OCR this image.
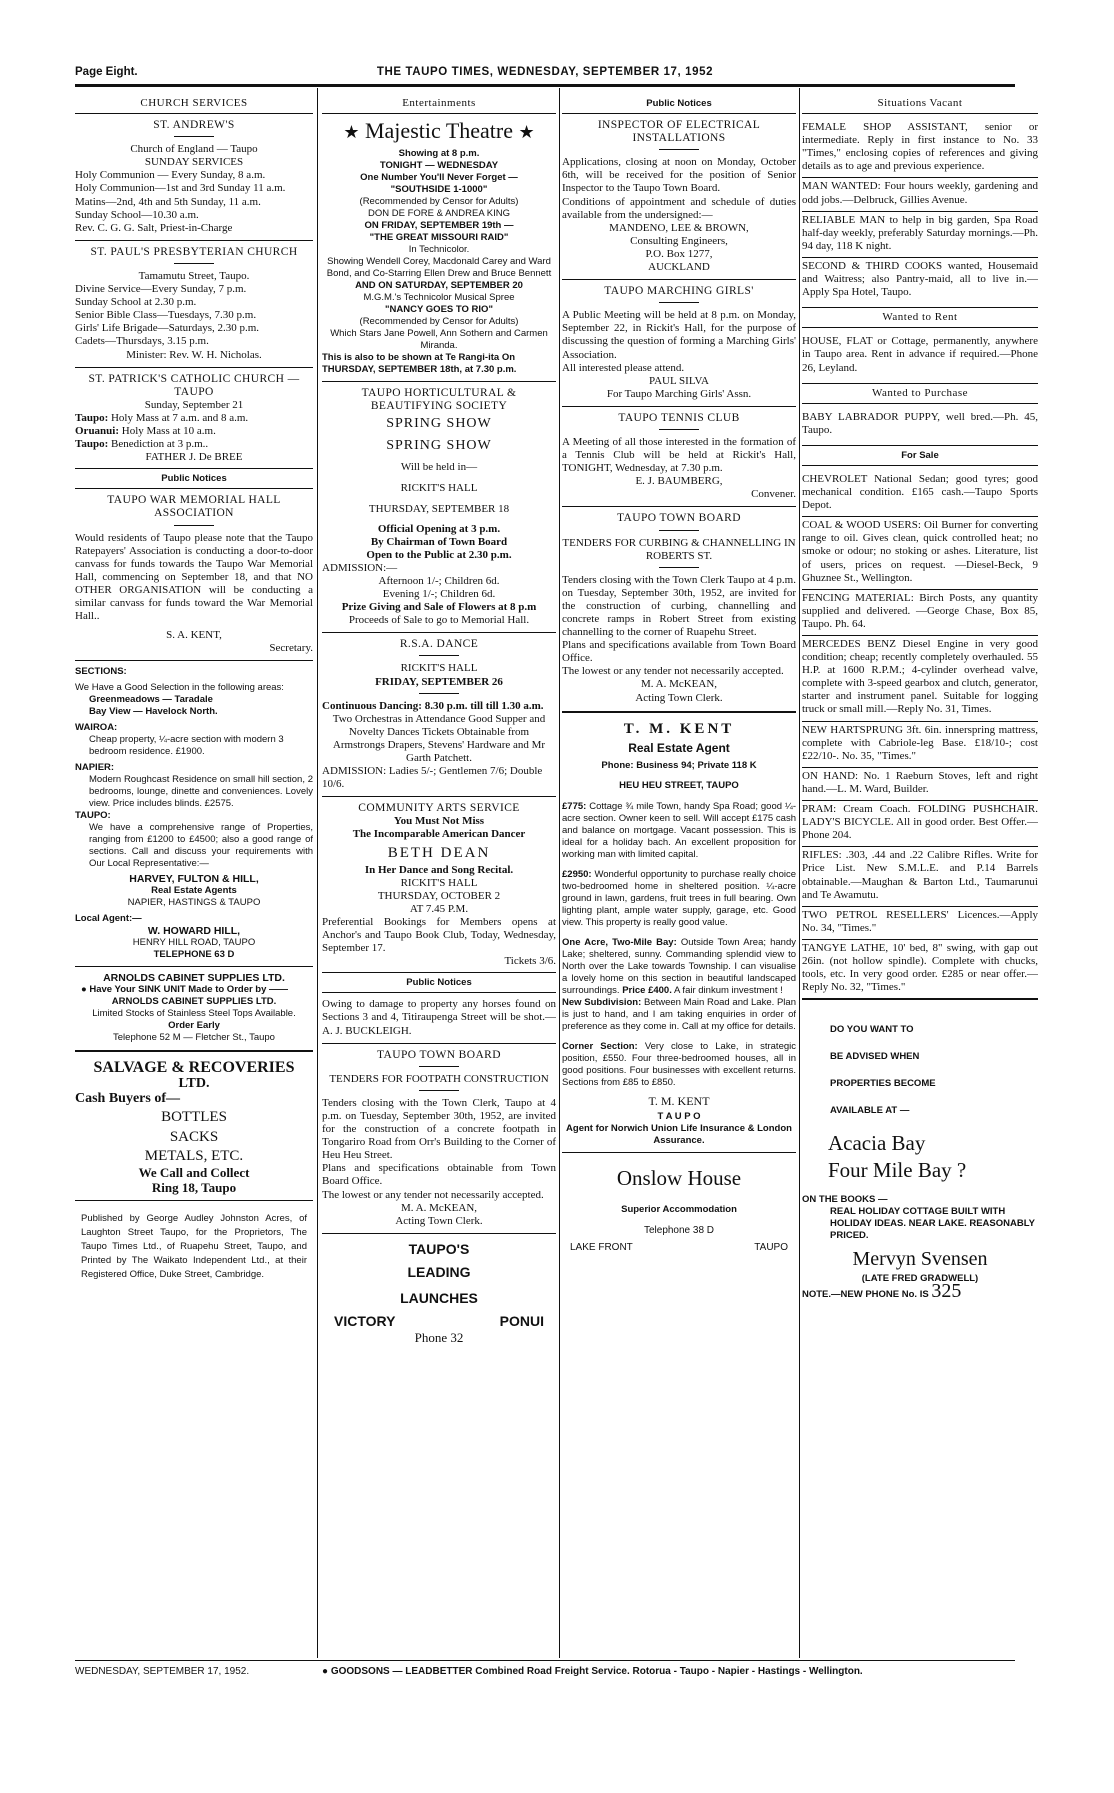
Page Eight.	THE TAUPO TIMES, WEDNESDAY, SEPTEMBER 17, 1952
CHURCH SERVICES
ST. ANDREW'S
Church of England — Taupo
SUNDAY SERVICES
Holy Communion — Every Sunday, 8 a.m.
Holy Communion—1st and 3rd Sunday 11 a.m.
Matins—2nd, 4th and 5th Sunday, 11 a.m.
Sunday School—10.30 a.m.
Rev. C. G. G. Salt, Priest-in-Charge
ST. PAUL'S PRESBYTERIAN CHURCH
Tamamutu Street, Taupo.
Divine Service—Every Sunday, 7 p.m.
Sunday School at 2.30 p.m.
Senior Bible Class—Tuesdays, 7.30 p.m.
Girls' Life Brigade—Saturdays, 2.30 p.m.
Cadets—Thursdays, 3.15 p.m.
Minister: Rev. W. H. Nicholas.
ST. PATRICK'S CATHOLIC CHURCH — TAUPO
Sunday, September 21
Taupo: Holy Mass at 7 a.m. and 8 a.m.
Oruanui: Holy Mass at 10 a.m.
Taupo: Benediction at 3 p.m..
FATHER J. De BREE
Public Notices
TAUPO WAR MEMORIAL HALL ASSOCIATION
Would residents of Taupo please note that the Taupo Ratepayers' Association is conducting a door-to-door canvass for funds towards the Taupo War Memorial Hall, commencing on September 18, and that NO OTHER ORGANISATION will be conducting a similar canvass for funds toward the War Memorial Hall..
S. A. KENT,
Secretary.
SECTIONS:
We Have a Good Selection in the following areas:
Greenmeadows — Taradale
Bay View — Havelock North.
WAIROA:
Cheap property, ¼-acre section with modern 3 bedroom residence. £1900.
NAPIER:
Modern Roughcast Residence on small hill section, 2 bedrooms, lounge, dinette and conveniences. Lovely view. Price includes blinds. £2575.
TAUPO:
We have a comprehensive range of Properties, ranging from £1200 to £4500; also a good range of sections. Call and discuss your requirements with Our Local Representative:—
HARVEY, FULTON & HILL,
Real Estate Agents
NAPIER, HASTINGS & TAUPO
Local Agent:—
W. HOWARD HILL,
HENRY HILL ROAD, TAUPO
TELEPHONE 63 D
ARNOLDS CABINET SUPPLIES LTD.
● Have Your SINK UNIT Made to Order by ——
ARNOLDS CABINET SUPPLIES LTD.
Limited Stocks of Stainless Steel Tops Available.
Order Early
Telephone 52 M — Fletcher St., Taupo
SALVAGE & RECOVERIES
LTD.
Cash Buyers of—
BOTTLES
SACKS
METALS, ETC.
We Call and Collect
Ring 18, Taupo
Published by George Audley Johnston Acres, of Laughton Street Taupo, for the Proprietors, The Taupo Times Ltd., of Ruapehu Street, Taupo, and Printed by The Waikato Independent Ltd., at their Registered Office, Duke Street, Cambridge.
Entertainments
★ Majestic Theatre ★
Showing at 8 p.m.
TONIGHT — WEDNESDAY
One Number You'll Never Forget —
"SOUTHSIDE 1-1000"
(Recommended by Censor for Adults)
DON DE FORE & ANDREA KING
ON FRIDAY, SEPTEMBER 19th —
"THE GREAT MISSOURI RAID"
In Technicolor.
Showing Wendell Corey, Macdonald Carey and Ward Bond, and Co-Starring Ellen Drew and Bruce Bennett
AND ON SATURDAY, SEPTEMBER 20
M.G.M.'s Technicolor Musical Spree
"NANCY GOES TO RIO"
(Recommended by Censor for Adults)
Which Stars Jane Powell, Ann Sothern and Carmen Miranda.
This is also to be shown at Te Rangi-ita On THURSDAY, SEPTEMBER 18th, at 7.30 p.m.
TAUPO HORTICULTURAL & BEAUTIFYING SOCIETY
SPRING SHOW
SPRING SHOW
Will be held in—
RICKIT'S HALL
THURSDAY, SEPTEMBER 18
Official Opening at 3 p.m.
By Chairman of Town Board
Open to the Public at 2.30 p.m.
ADMISSION:—
Afternoon 1/-; Children 6d.
Evening 1/-; Children 6d.
Prize Giving and Sale of Flowers at 8 p.m
Proceeds of Sale to go to Memorial Hall.
R.S.A. DANCE
RICKIT'S HALL
FRIDAY, SEPTEMBER 26
Continuous Dancing: 8.30 p.m. till till 1.30 a.m.
Two Orchestras in Attendance Good Supper and Novelty Dances Tickets Obtainable from Armstrongs Drapers, Stevens' Hardware and Mr Garth Patchett.
ADMISSION: Ladies 5/-; Gentlemen 7/6; Double 10/6.
COMMUNITY ARTS SERVICE
You Must Not Miss
The Incomparable American Dancer
BETH DEAN
In Her Dance and Song Recital.
RICKIT'S HALL
THURSDAY, OCTOBER 2
AT 7.45 P.M.
Preferential Bookings for Members opens at Anchor's and Taupo Book Club, Today, Wednesday, September 17.
Tickets 3/6.
Public Notices
Owing to damage to property any horses found on Sections 3 and 4, Titiraupenga Street will be shot.—A. J. BUCKLEIGH.
TAUPO TOWN BOARD
TENDERS FOR FOOTPATH CONSTRUCTION
Tenders closing with the Town Clerk, Taupo at 4 p.m. on Tuesday, September 30th, 1952, are invited for the construction of a concrete footpath in Tongariro Road from Orr's Building to the Corner of Heu Heu Street.
Plans and specifications obtainable from Town Board Office.
The lowest or any tender not necessarily accepted.
M. A. McKEAN,
Acting Town Clerk.
TAUPO'S
LEADING
LAUNCHES
VICTORY	PONUI
Phone 32
Public Notices
INSPECTOR OF ELECTRICAL INSTALLATIONS
Applications, closing at noon on Monday, October 6th, will be received for the position of Senior Inspector to the Taupo Town Board.
Conditions of appointment and schedule of duties available from the undersigned:—
MANDENO, LEE & BROWN,
Consulting Engineers,
P.O. Box 1277,
AUCKLAND
TAUPO MARCHING GIRLS'
A Public Meeting will be held at 8 p.m. on Monday, September 22, in Rickit's Hall, for the purpose of discussing the question of forming a Marching Girls' Association.
All interested please attend.
PAUL SILVA
For Taupo Marching Girls' Assn.
TAUPO TENNIS CLUB
A Meeting of all those interested in the formation of a Tennis Club will be held at Rickit's Hall, TONIGHT, Wednesday, at 7.30 p.m.
E. J. BAUMBERG,
Convener.
TAUPO TOWN BOARD
TENDERS FOR CURBING & CHANNELLING IN ROBERTS ST.
Tenders closing with the Town Clerk Taupo at 4 p.m. on Tuesday, September 30th, 1952, are invited for the construction of curbing, channelling and concrete ramps in Robert Street from existing channelling to the corner of Ruapehu Street.
Plans and specifications available from Town Board Office.
The lowest or any tender not necessarily accepted.
M. A. McKEAN,
Acting Town Clerk.
T. M. KENT
Real Estate Agent
Phone: Business 94; Private 118 K
HEU HEU STREET, TAUPO
£775: Cottage ¾ mile Town, handy Spa Road; good ¼-acre section. Owner keen to sell. Will accept £175 cash and balance on mortgage. Vacant possession. This is ideal for a holiday bach. An excellent proposition for working man with limited capital.
£2950: Wonderful opportunity to purchase really choice two-bedroomed home in sheltered position. ¼-acre ground in lawn, gardens, fruit trees in full bearing. Own lighting plant, ample water supply, garage, etc. Good view. This property is really good value.
One Acre, Two-Mile Bay: Outside Town Area; handy Lake; sheltered, sunny. Commanding splendid view to North over the Lake towards Township. I can visualise a lovely home on this section in beautiful landscaped surroundings. Price £400. A fair dinkum investment !
New Subdivision: Between Main Road and Lake. Plan is just to hand, and I am taking enquiries in order of preference as they come in. Call at my office for details.
Corner Section: Very close to Lake, in strategic position, £550. Four three-bedroomed houses, all in good positions. Four businesses with excellent returns. Sections from £85 to £850.
T. M. KENT
T A U P O
Agent for Norwich Union Life Insurance & London Assurance.
Onslow House
Superior Accommodation
Telephone 38 D
LAKE FRONT	TAUPO
Situations Vacant
FEMALE SHOP ASSISTANT, senior or intermediate. Reply in first instance to No. 33 "Times," enclosing copies of references and giving details as to age and previous experience.
MAN WANTED: Four hours weekly, gardening and odd jobs.—Delbruck, Gillies Avenue.
RELIABLE MAN to help in big garden, Spa Road half-day weekly, preferably Saturday mornings.—Ph. 94 day, 118 K night.
SECOND & THIRD COOKS wanted, Housemaid and Waitress; also Pantry-maid, all to live in.—Apply Spa Hotel, Taupo.
Wanted to Rent
HOUSE, FLAT or Cottage, permanently, anywhere in Taupo area. Rent in advance if required.—Phone 26, Leyland.
Wanted to Purchase
BABY LABRADOR PUPPY, well bred.—Ph. 45, Taupo.
For Sale
CHEVROLET National Sedan; good tyres; good mechanical condition. £165 cash.—Taupo Sports Depot.
COAL & WOOD USERS: Oil Burner for converting range to oil. Gives clean, quick controlled heat; no smoke or odour; no stoking or ashes. Literature, list of users, prices on request. —Diesel-Beck, 9 Ghuznee St., Wellington.
FENCING MATERIAL: Birch Posts, any quantity supplied and delivered. —George Chase, Box 85, Taupo. Ph. 64.
MERCEDES BENZ Diesel Engine in very good condition; cheap; recently completely overhauled. 55 H.P. at 1600 R.P.M.; 4-cylinder overhead valve, complete with 3-speed gearbox and clutch, generator, starter and instrument panel. Suitable for logging truck or small mill.—Reply No. 31, Times.
NEW HARTSPRUNG 3ft. 6in. innerspring mattress, complete with Cabriole-leg Base. £18/10-; cost £22/10-. No. 35, "Times."
ON HAND: No. 1 Raeburn Stoves, left and right hand.—L. M. Ward, Builder.
PRAM: Cream Coach. FOLDING PUSHCHAIR. LADY'S BICYCLE. All in good order. Best Offer.—Phone 204.
RIFLES: .303, .44 and .22 Calibre Rifles. Write for Price List. New S.M.L.E. and P.14 Barrels obtainable.—Maughan & Barton Ltd., Taumarunui and Te Awamutu.
TWO PETROL RESELLERS' Licences.—Apply No. 34, "Times."
TANGYE LATHE, 10' bed, 8" swing, with gap out 26in. (not hollow spindle). Complete with chucks, tools, etc. In very good order. £285 or near offer.—Reply No. 32, "Times."
DO YOU WANT TO
BE ADVISED WHEN
PROPERTIES BECOME
AVAILABLE AT —
Acacia Bay
Four Mile Bay ?
ON THE BOOKS —
REAL HOLIDAY COTTAGE BUILT WITH HOLIDAY IDEAS. NEAR LAKE. REASONABLY PRICED.
Mervyn Svensen
(LATE FRED GRADWELL)
NOTE.—NEW PHONE No. IS 325
WEDNESDAY, SEPTEMBER 17, 1952.	● GOODSONS — LEADBETTER Combined Road Freight Service. Rotorua - Taupo - Napier - Hastings - Wellington.
